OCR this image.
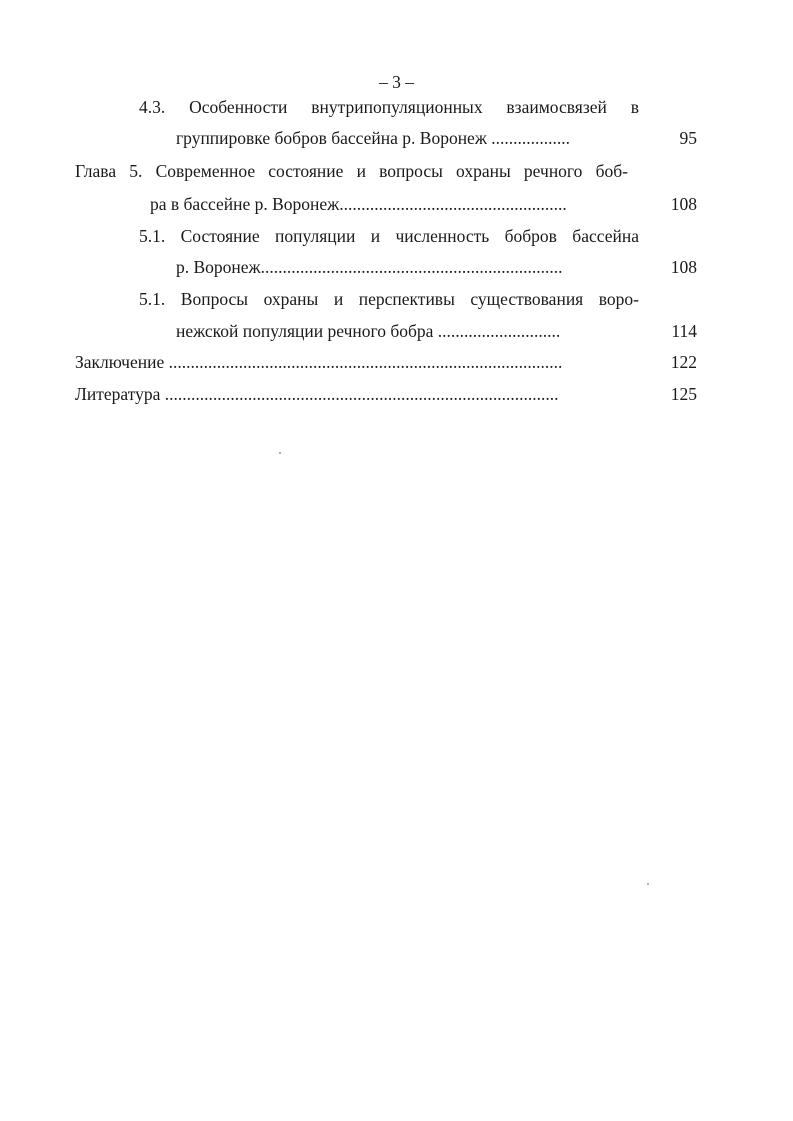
– 3 –
4.3. Особенности внутрипопуляционных взаимосвязей в
группировке бобров бассейна р. Воронеж ..................	95
Глава 5. Современное состояние и вопросы охраны речного боб-
ра в бассейне р. Воронеж....................................................	108
5.1. Состояние популяции и численность бобров бассейна
р. Воронеж.....................................................................	108
5.1. Вопросы охраны и перспективы существования воро-
нежской популяции речного бобра ............................	114
Заключение ..........................................................................................	122
Литература ..........................................................................................	125
